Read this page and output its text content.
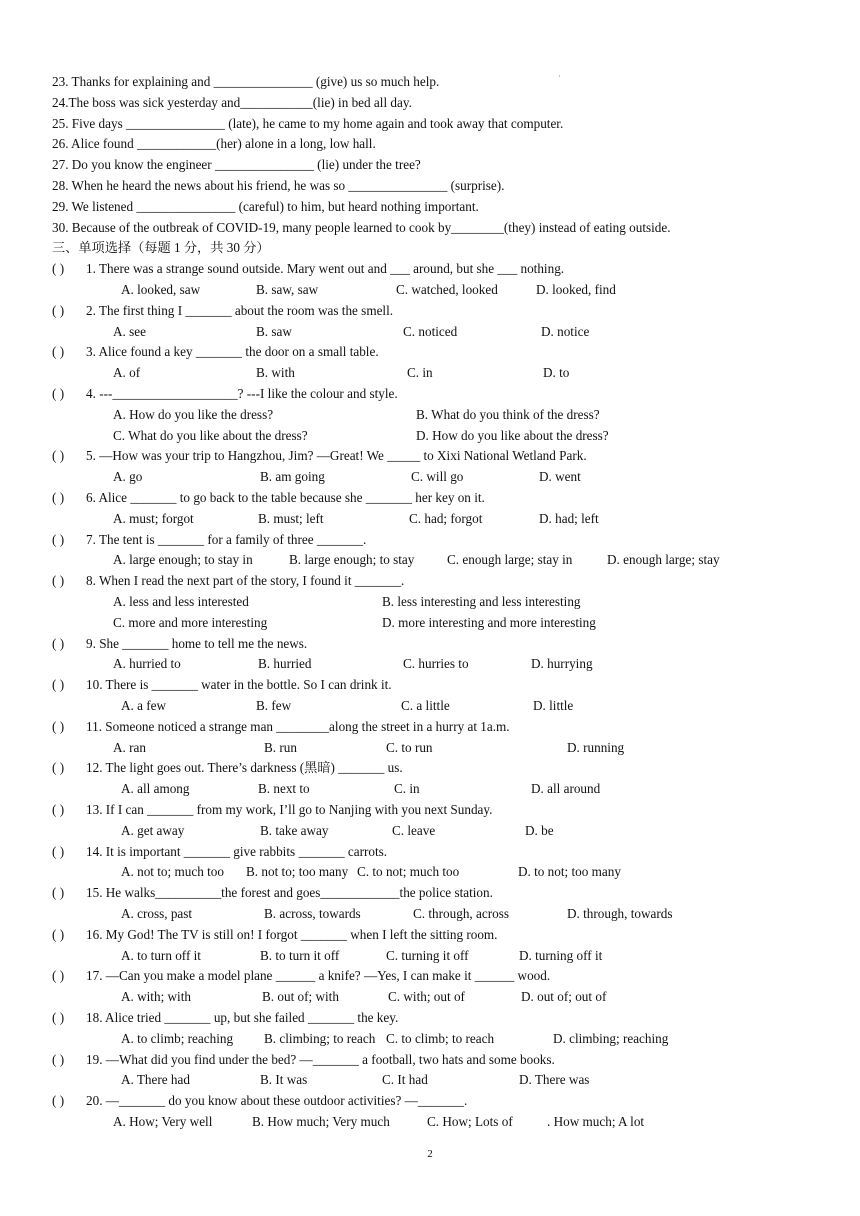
23. Thanks for explaining and _______________ (give) us so much help.
24.The boss was sick yesterday and___________(lie) in bed all day.
25. Five days _______________ (late), he came to my home again and took away that computer.
26. Alice found ____________(her) alone in a long, low hall.
27. Do you know the engineer _______________ (lie) under the tree?
28. When he heard the news about his friend, he was so _______________ (surprise).
29. We listened _______________ (careful) to him, but heard nothing important.
30. Because of the outbreak of COVID-19, many people learned to cook by________(they) instead of eating outside.
·
三、单项选择（每题 1 分，共 30 分）
( ) 1. There was a strange sound outside. Mary went out and ___ around, but she ___ nothing.
A. looked, saw	B. saw, saw	C. watched, looked	D. looked, find
( ) 2. The first thing I _______ about the room was the smell.
A. see	B. saw	C. noticed	D. notice
( ) 3. Alice found a key _______ the door on a small table.
A. of	B. with	C. in	D. to
( ) 4. ---___________________? ---I like the colour and style.
A. How do you like the dress?	B. What do you think of the dress?
C. What do you like about the dress?	D. How do you like about the dress?
( ) 5. —How was your trip to Hangzhou, Jim? —Great! We _____ to Xixi National Wetland Park.
A. go	B. am going	C. will go	D. went
( ) 6. Alice _______ to go back to the table because she _______ her key on it.
A. must; forgot	B. must; left	C. had; forgot	D. had; left
( ) 7. The tent is _______ for a family of three _______.
A. large enough; to stay in	B. large enough; to stay C. enough large; stay in	D. enough large; stay
( ) 8. When I read the next part of the story, I found it _______.
A. less and less interested	B. less interesting and less interesting
C. more and more interesting	D. more interesting and more interesting
( ) 9. She _______ home to tell me the news.
A. hurried to	B. hurried	C. hurries to	D. hurrying
( ) 10. There is _______ water in the bottle. So I can drink it.
A. a few	B. few	C. a little	D. little
( ) 11. Someone noticed a strange man ________along the street in a hurry at 1a.m.
A. ran	B. run	C. to run	D. running
( ) 12. The light goes out. There’s darkness (黑暗) _______ us.
A. all among	B. next to	C. in	D. all around
( ) 13. If I can _______ from my work, I’ll go to Nanjing with you next Sunday.
A. get away	B. take away	C. leave	D. be
( ) 14. It is important _______ give rabbits _______ carrots.
A. not to; much too B. not to; too many C. to not; much too	D. to not; too many
( ) 15. He walks__________the forest and goes____________the police station.
A. cross, past	B. across, towards	C. through, across	D. through, towards
( ) 16. My God! The TV is still on! I forgot _______ when I left the sitting room.
A. to turn off it	B. to turn it off	C. turning it off	D. turning off it
( ) 17. —Can you make a model plane ______ a knife? —Yes, I can make it ______ wood.
A. with; with	B. out of; with	C. with; out of	D. out of; out of
( ) 18. Alice tried _______ up, but she failed _______ the key.
A. to climb; reaching B. climbing; to reach C. to climb; to reach	D. climbing; reaching
( ) 19. —What did you find under the bed? —_______ a football, two hats and some books.
A. There had	B. It was	C. It had	D. There was
( ) 20. —_______ do you know about these outdoor activities? —_______.
A. How; Very well	B. How much; Very much	C. How; Lots of	. How much; A lot
2
